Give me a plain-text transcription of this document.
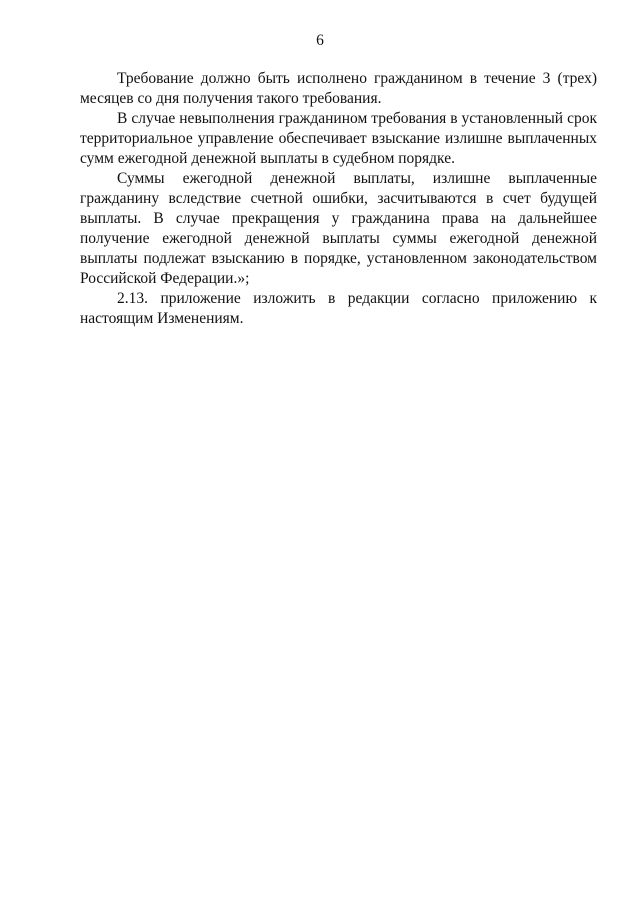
6

Требование должно быть исполнено гражданином в течение 3 (трех) месяцев со дня получения такого требования.

В случае невыполнения гражданином требования в установленный срок территориальное управление обеспечивает взыскание излишне выплаченных сумм ежегодной денежной выплаты в судебном порядке.

Суммы ежегодной денежной выплаты, излишне выплаченные гражданину вследствие счетной ошибки, засчитываются в счет будущей выплаты. В случае прекращения у гражданина права на дальнейшее получение ежегодной денежной выплаты суммы ежегодной денежной выплаты подлежат взысканию в порядке, установленном законодательством Российской Федерации.»;

2.13. приложение изложить в редакции согласно приложению к настоящим Изменениям.
